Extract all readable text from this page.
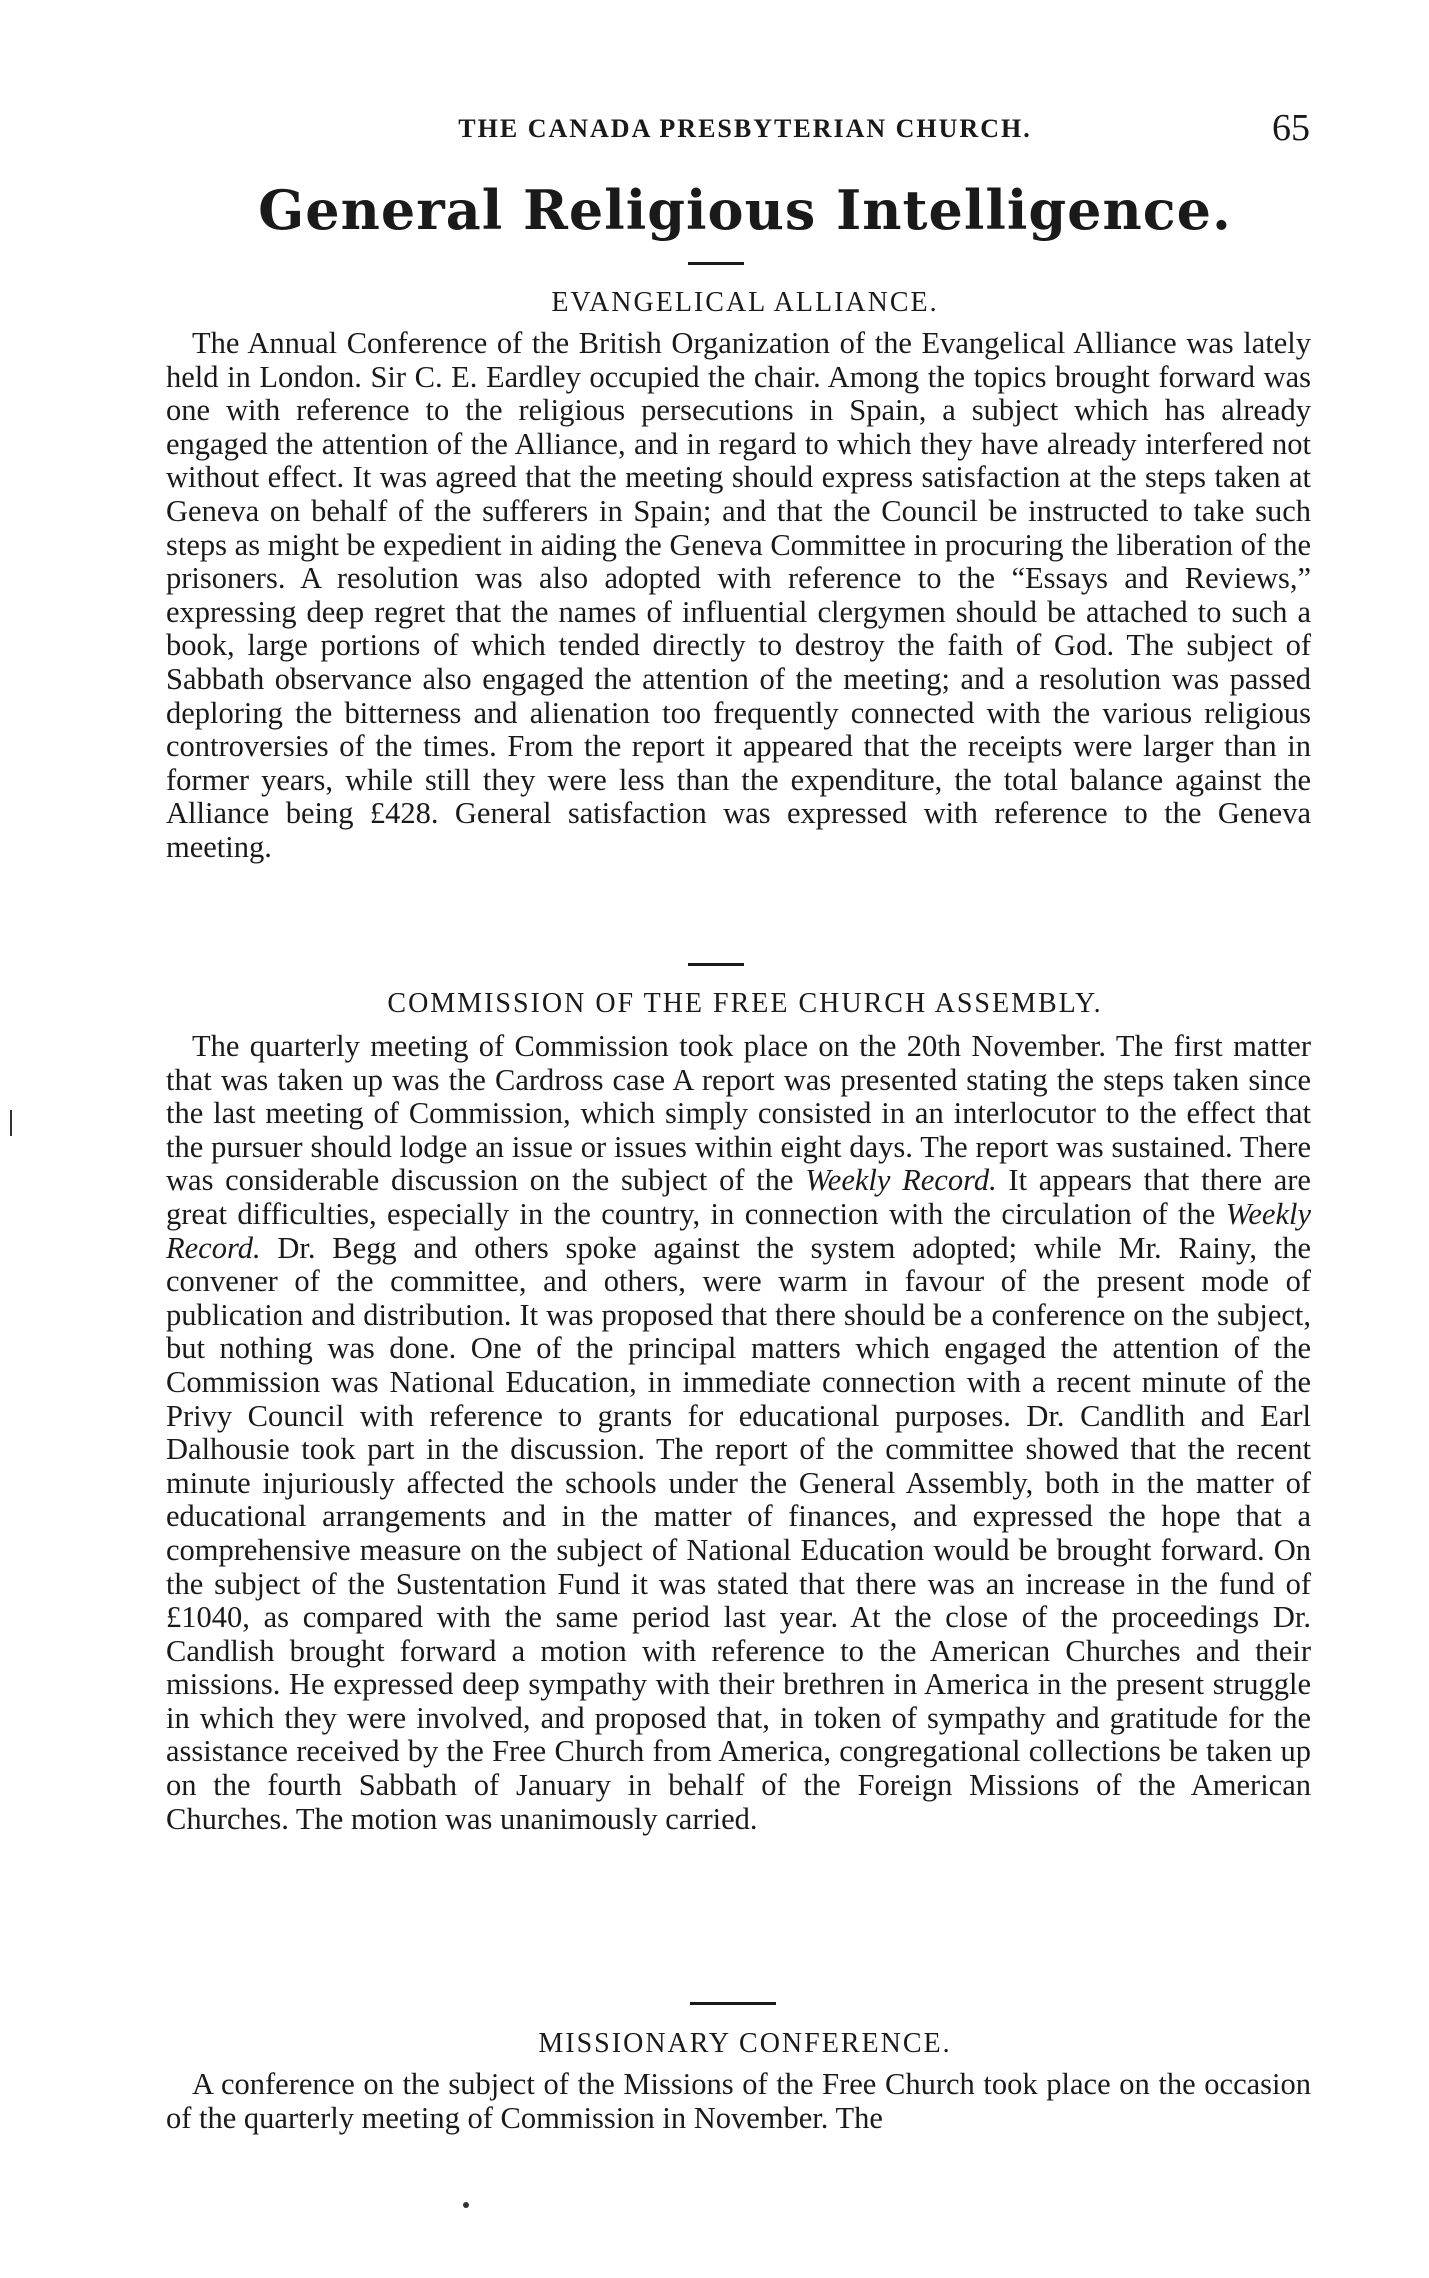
THE CANADA PRESBYTERIAN CHURCH.	65
General Religious Intelligence.
EVANGELICAL ALLIANCE.

The Annual Conference of the British Organization of the Evangelical Alliance was lately held in London. Sir C. E. Eardley occupied the chair. Among the topics brought forward was one with reference to the religious persecutions in Spain, a subject which has already engaged the attention of the Alliance, and in regard to which they have already interfered not without effect. It was agreed that the meeting should express satisfaction at the steps taken at Geneva on behalf of the sufferers in Spain; and that the Council be instructed to take such steps as might be expedient in aiding the Geneva Committee in procuring the liberation of the prisoners. A resolution was also adopted with reference to the “Essays and Reviews,” expressing deep regret that the names of influential clergymen should be attached to such a book, large portions of which tended directly to destroy the faith of God. The subject of Sabbath observance also engaged the attention of the meeting; and a resolution was passed deploring the bitterness and alienation too frequently connected with the various religious controversies of the times. From the report it appeared that the receipts were larger than in former years, while still they were less than the expenditure, the total balance against the Alliance being £428. General satisfaction was expressed with reference to the Geneva meeting.

COMMISSION OF THE FREE CHURCH ASSEMBLY.

The quarterly meeting of Commission took place on the 20th November. The first matter that was taken up was the Cardross case A report was presented stating the steps taken since the last meeting of Commission, which simply consisted in an interlocutor to the effect that the pursuer should lodge an issue or issues within eight days. The report was sustained. There was considerable discussion on the subject of the Weekly Record. It appears that there are great difficulties, especially in the country, in connection with the circulation of the Weekly Record. Dr. Begg and others spoke against the system adopted; while Mr. Rainy, the convener of the committee, and others, were warm in favour of the present mode of publication and distribution. It was proposed that there should be a conference on the subject, but nothing was done. One of the principal matters which engaged the attention of the Commission was National Education, in immediate connection with a recent minute of the Privy Council with reference to grants for educational purposes. Dr. Candlith and Earl Dalhousie took part in the discussion. The report of the committee showed that the recent minute injuriously affected the schools under the General Assembly, both in the matter of educational arrangements and in the matter of finances, and expressed the hope that a comprehensive measure on the subject of National Education would be brought forward. On the subject of the Sustentation Fund it was stated that there was an increase in the fund of £1040, as compared with the same period last year. At the close of the proceedings Dr. Candlish brought forward a motion with reference to the American Churches and their missions. He expressed deep sympathy with their brethren in America in the present struggle in which they were involved, and proposed that, in token of sympathy and gratitude for the assistance received by the Free Church from America, congregational collections be taken up on the fourth Sabbath of January in behalf of the Foreign Missions of the American Churches. The motion was unanimously carried.

MISSIONARY CONFERENCE.

A conference on the subject of the Missions of the Free Church took place on the occasion of the quarterly meeting of Commission in November. The
